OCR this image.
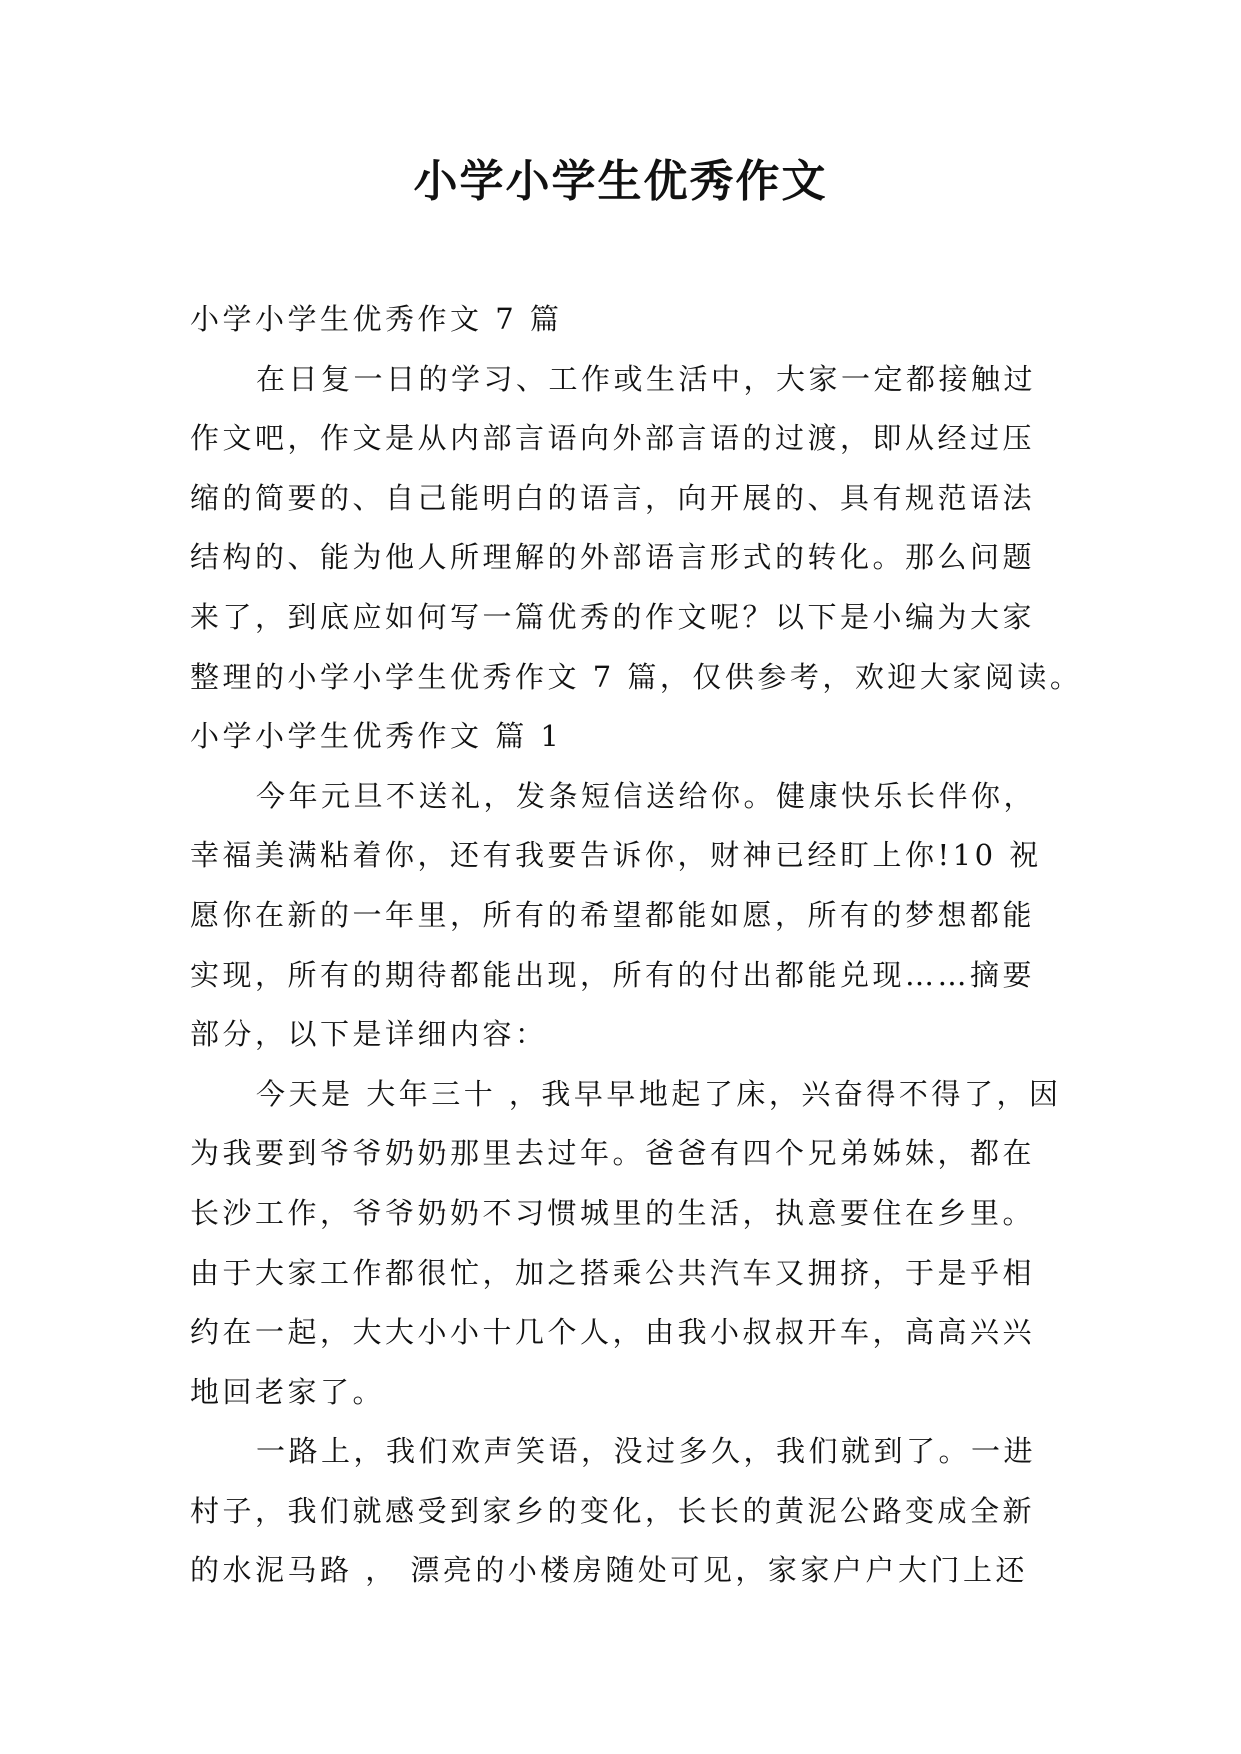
小学小学生优秀作文
小学小学生优秀作文 7 篇
在日复一日的学习、工作或生活中，大家一定都接触过
作文吧，作文是从内部言语向外部言语的过渡，即从经过压
缩的简要的、自己能明白的语言，向开展的、具有规范语法
结构的、能为他人所理解的外部语言形式的转化。那么问题
来了，到底应如何写一篇优秀的作文呢？以下是小编为大家
整理的小学小学生优秀作文 7 篇，仅供参考，欢迎大家阅读。
小学小学生优秀作文 篇 1
今年元旦不送礼，发条短信送给你。健康快乐长伴你，
幸福美满粘着你，还有我要告诉你，财神已经盯上你!10 祝
愿你在新的一年里，所有的希望都能如愿，所有的梦想都能
实现，所有的期待都能出现，所有的付出都能兑现……摘要
部分，以下是详细内容：
今天是 大年三十 ，我早早地起了床，兴奋得不得了，因
为我要到爷爷奶奶那里去过年。爸爸有四个兄弟姊妹，都在
长沙工作，爷爷奶奶不习惯城里的生活，执意要住在乡里。
由于大家工作都很忙，加之搭乘公共汽车又拥挤，于是乎相
约在一起，大大小小十几个人，由我小叔叔开车，高高兴兴
地回老家了。
一路上，我们欢声笑语，没过多久，我们就到了。一进
村子，我们就感受到家乡的变化，长长的黄泥公路变成全新
的水泥马路 ， 漂亮的小楼房随处可见，家家户户大门上还
